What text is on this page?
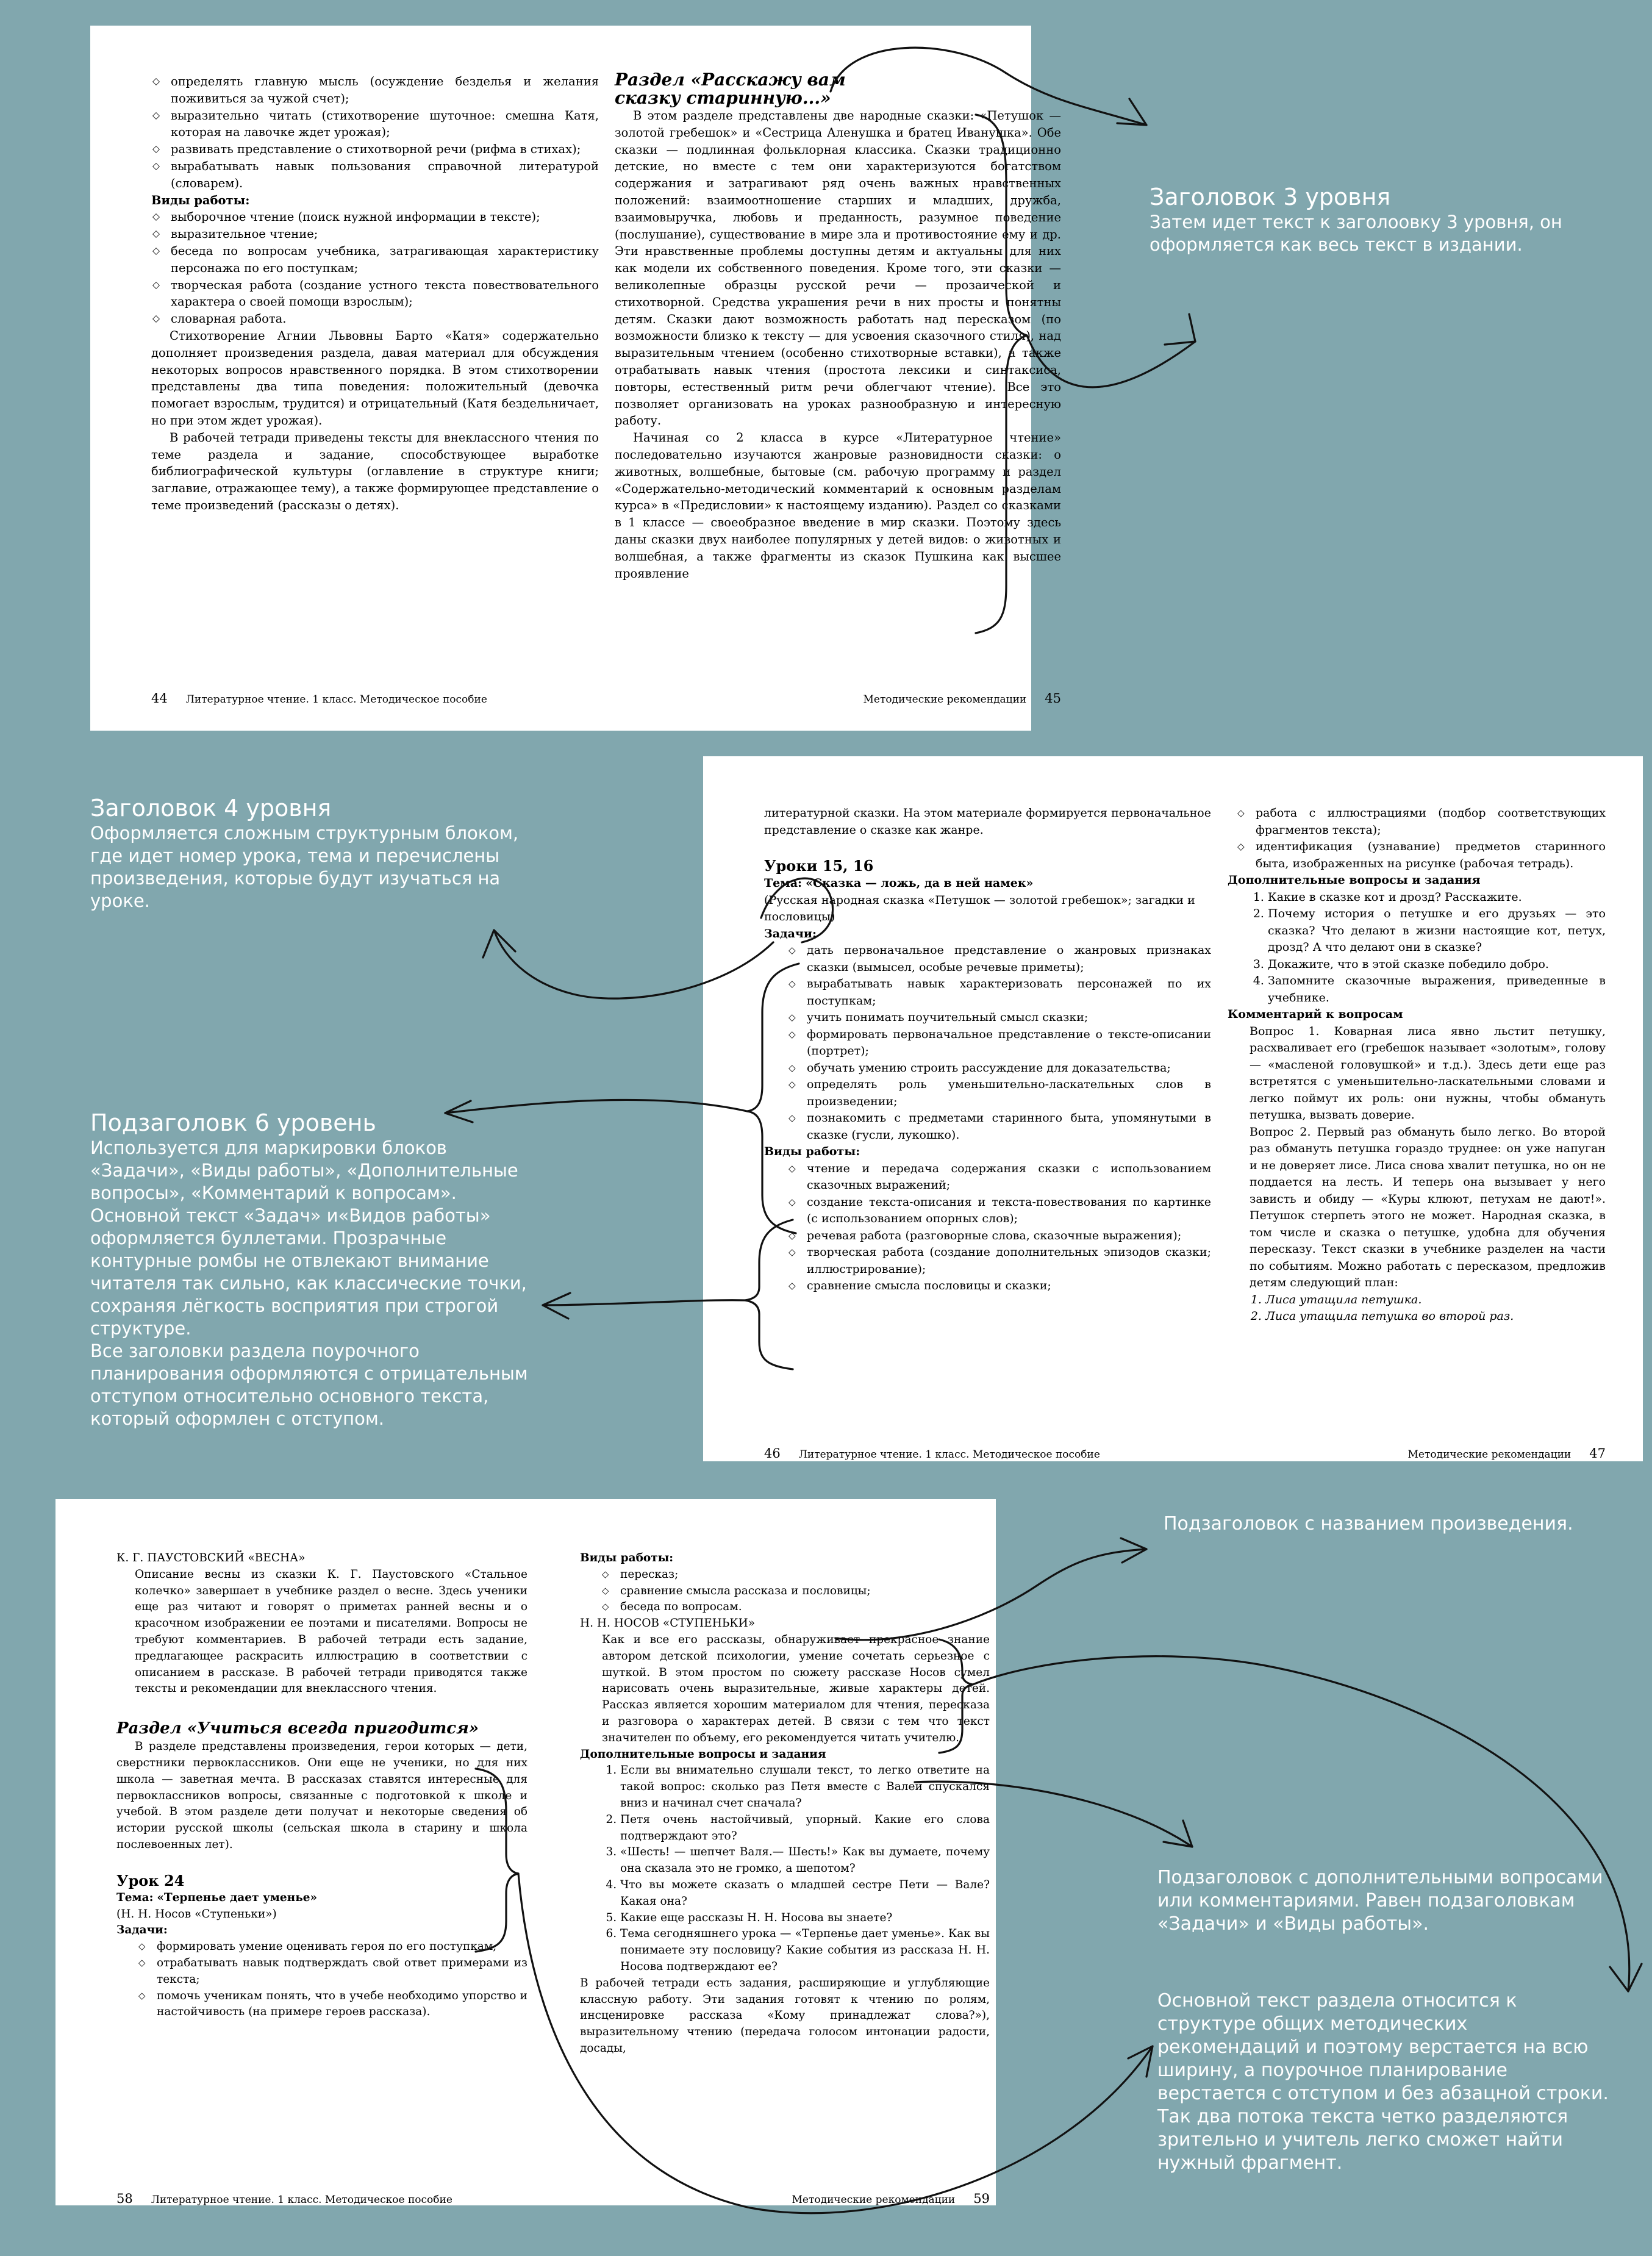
◇ определять главную мысль (осуждение безделья и желания поживиться за чужой счет);
◇ выразительно читать (стихотворение шуточное: смешна Катя, которая на лавочке ждет урожая);
◇ развивать представление о стихотворной речи (рифма в стихах);
◇ вырабатывать навык пользования справочной литературой (словарем).
Виды работы:
◇ выборочное чтение (поиск нужной информации в тексте);
◇ выразительное чтение;
◇ беседа по вопросам учебника, затрагивающая характеристику персонажа по его поступкам;
◇ творческая работа (создание устного текста повествовательного характера о своей помощи взрослым);
◇ словарная работа.

Стихотворение Агнии Львовны Барто «Катя» содержательно дополняет произведения раздела, давая материал для обсуждения некоторых вопросов нравственного порядка. В этом стихотворении представлены два типа поведения: положительный (девочка помогает взрослым, трудится) и отрицательный (Катя бездельничает, но при этом ждет урожая).

В рабочей тетради приведены тексты для внеклассного чтения по теме раздела и задание, способствующее выработке библиографической культуры (оглавление в структуре книги; заглавие, отражающее тему), а также формирующее представление о теме произведений (рассказы о детях).

44 Литературное чтение. 1 класс. Методическое пособие
Раздел «Расскажу вам
сказку старинную...»

В этом разделе представлены две народные сказки: «Петушок — золотой гребешок» и «Сестрица Аленушка и братец Иванушка». Обе сказки — подлинная фольклорная классика. Сказки традиционно детские, но вместе с тем они характеризуются богатством содержания и затрагивают ряд очень важных нравственных положений: взаимоотношение старших и младших, дружба, взаимовыручка, любовь и преданность, разумное поведение (послушание), существование в мире зла и противостояние ему и др. Эти нравственные проблемы доступны детям и актуальны для них как модели их собственного поведения. Кроме того, эти сказки — великолепные образцы русской речи — прозаической и стихотворной. Средства украшения речи в них просты и понятны детям. Сказки дают возможность работать над пересказом (по возможности близко к тексту — для усвоения сказочного стиля), над выразительным чтением (особенно стихотворные вставки), а также отрабатывать навык чтения (простота лексики и синтаксиса, повторы, естественный ритм речи облегчают чтение). Все это позволяет организовать на уроках разнообразную и интересную работу.

Начиная со 2 класса в курсе «Литературное чтение» последовательно изучаются жанровые разновидности сказки: о животных, волшебные, бытовые (см. рабочую программу и раздел «Содержательно-методический комментарий к основным разделам курса» в «Предисловии» к настоящему изданию). Раздел со сказками в 1 классе — своеобразное введение в мир сказки. Поэтому здесь даны сказки двух наиболее популярных у детей видов: о животных и волшебная, а также фрагменты из сказок Пушкина как высшее проявление

Методические рекомендации 45

литературной сказки. На этом материале формируется первоначальное представление о сказке как жанре.

Уроки 15, 16
Тема: «Сказка — ложь, да в ней намек»
(Русская народная сказка «Петушок — золотой гребешок»; загадки и пословицы)
Задачи:
◇ дать первоначальное представление о жанровых признаках сказки (вымысел, особые речевые приметы);
◇ вырабатывать навык характеризовать персонажей по их поступкам;
◇ учить понимать поучительный смысл сказки;
◇ формировать первоначальное представление о тексте-описании (портрет);
◇ обучать умению строить рассуждение для доказательства;
◇ определять роль уменьшительно-ласкательных слов в произведении;
◇ познакомить с предметами старинного быта, упомянутыми в сказке (гусли, лукошко).
Виды работы:
◇ чтение и передача содержания сказки с использованием сказочных выражений;
◇ создание текста-описания и текста-повествования по картинке (с использованием опорных слов);
◇ речевая работа (разговорные слова, сказочные выражения);
◇ творческая работа (создание дополнительных эпизодов сказки; иллюстрирование);
◇ сравнение смысла пословицы и сказки;
46 Литературное чтение. 1 класс. Методическое пособие
◇ работа с иллюстрациями (подбор соответствующих фрагментов текста);
◇ идентификация (узнавание) предметов старинного быта, изображенных на рисунке (рабочая тетрадь).
Дополнительные вопросы и задания
1. Какие в сказке кот и дрозд? Расскажите.
2. Почему история о петушке и его друзьях — это сказка? Что делают в жизни настоящие кот, петух, дрозд? А что делают они в сказке?
3. Докажите, что в этой сказке победило добро.
4. Запомните сказочные выражения, приведенные в учебнике.
Комментарий к вопросам

Вопрос 1. Коварная лиса явно льстит петушку, расхваливает его (гребешок называет «золотым», голову — «масленой головушкой» и т.д.). Здесь дети еще раз встретятся с уменьшительно-ласкательными словами и легко поймут их роль: они нужны, чтобы обмануть петушка, вызвать доверие.

Вопрос 2. Первый раз обмануть было легко. Во второй раз обмануть петушка гораздо труднее: он уже напуган и не доверяет лисе. Лиса снова хвалит петушка, но он не поддается на лесть. И теперь она вызывает у него зависть и обиду — «Куры клюют, петухам не дают!». Петушок стерпеть этого не может. Народная сказка, в том числе и сказка о петушке, удобна для обучения пересказу. Текст сказки в учебнике разделен на части по событиям. Можно работать с пересказом, предложив детям следующий план:

1. Лиса утащила петушка.
2. Лиса утащила петушка во второй раз.
Методические рекомендации 47
К. Г. ПАУСТОВСКИЙ «ВЕСНА»

Описание весны из сказки К. Г. Паустовского «Стальное колечко» завершает в учебнике раздел о весне. Здесь ученики еще раз читают и говорят о приметах ранней весны и о красочном изображении ее поэтами и писателями. Вопросы не требуют комментариев. В рабочей тетради есть задание, предлагающее раскрасить иллюстрацию в соответствии с описанием в рассказе. В рабочей тетради приводятся также тексты и рекомендации для внеклассного чтения.

Раздел «Учиться всегда пригодится»

В разделе представлены произведения, герои которых — дети, сверстники первоклассников. Они еще не ученики, но для них школа — заветная мечта. В рассказах ставятся интересные для первоклассников вопросы, связанные с подготовкой к школе и учебой. В этом разделе дети получат и некоторые сведения об истории русской школы (сельская школа в старину и школа послевоенных лет).

Урок 24
Тема: «Терпенье дает уменье»
(Н. Н. Носов «Ступеньки»)
Задачи:
◇ формировать умение оценивать героя по его поступкам;
◇ отрабатывать навык подтверждать свой ответ примерами из текста;
◇ помочь ученикам понять, что в учебе необходимо упорство и настойчивость (на примере героев рассказа).
58 Литературное чтение. 1 класс. Методическое пособие
Виды работы:
◇ пересказ;
◇ сравнение смысла рассказа и пословицы;
◇ беседа по вопросам.
Н. Н. НОСОВ «СТУПЕНЬКИ»

Как и все его рассказы, обнаруживает прекрасное знание автором детской психологии, умение сочетать серьезное с шуткой. В этом простом по сюжету рассказе Носов сумел нарисовать очень выразительные, живые характеры детей. Рассказ является хорошим материалом для чтения, пересказа и разговора о характерах детей. В связи с тем что текст значителен по объему, его рекомендуется читать учителю.

Дополнительные вопросы и задания
1. Если вы внимательно слушали текст, то легко ответите на такой вопрос: сколько раз Петя вместе с Валей спускался вниз и начинал счет сначала?
2. Петя очень настойчивый, упорный. Какие его слова подтверждают это?
3. «Шесть! — шепчет Валя.— Шесть!» Как вы думаете, почему она сказала это не громко, а шепотом?
4. Что вы можете сказать о младшей сестре Пети — Вале? Какая она?
5. Какие еще рассказы Н. Н. Носова вы знаете?
6. Тема сегодняшнего урока — «Терпенье дает уменье». Как вы понимаете эту пословицу? Какие события из рассказа Н. Н. Носова подтверждают ее?

В рабочей тетради есть задания, расширяющие и углубляющие классную работу. Эти задания готовят к чтению по ролям, инсценировке рассказа «Кому принадлежат слова?»), выразительному чтению (передача голосом интонации радости, досады,

Методические рекомендации 59
Заголовок 3 уровня
Затем идет текст к заголоовку 3 уровня, он оформляется как весь текст в издании.
Заголовок 4 уровня
Оформляется сложным структурным блоком, где идет номер урока, тема и перечислены произведения, которые будут изучаться на уроке.
Подзаголовк 6 уровень
Используется для маркировки блоков «Задачи», «Виды работы», «Дополнительные вопросы», «Комментарий к вопросам». Основной текст «Задач» и«Видов работы» оформляется буллетами. Прозрачные контурные ромбы не отвлекают внимание читателя так сильно, как классические точки, сохраняя лёгкость восприятия при строгой структуре.
Все заголовки раздела поурочного планирования оформляются с отрицательным отступом относительно основного текста, который оформлен с отступом.
Подзаголовок с названием произведения.
Подзаголовок с дополнительными вопросами или комментариями. Равен подзаголовкам «Задачи» и «Виды работы».
Основной текст раздела относится к структуре общих методических рекомендаций и поэтому верстается на всю ширину, а поурочное планирование верстается с отступом и без абзацной строки. Так два потока текста четко разделяются зрительно и учитель легко сможет найти нужный фрагмент.
